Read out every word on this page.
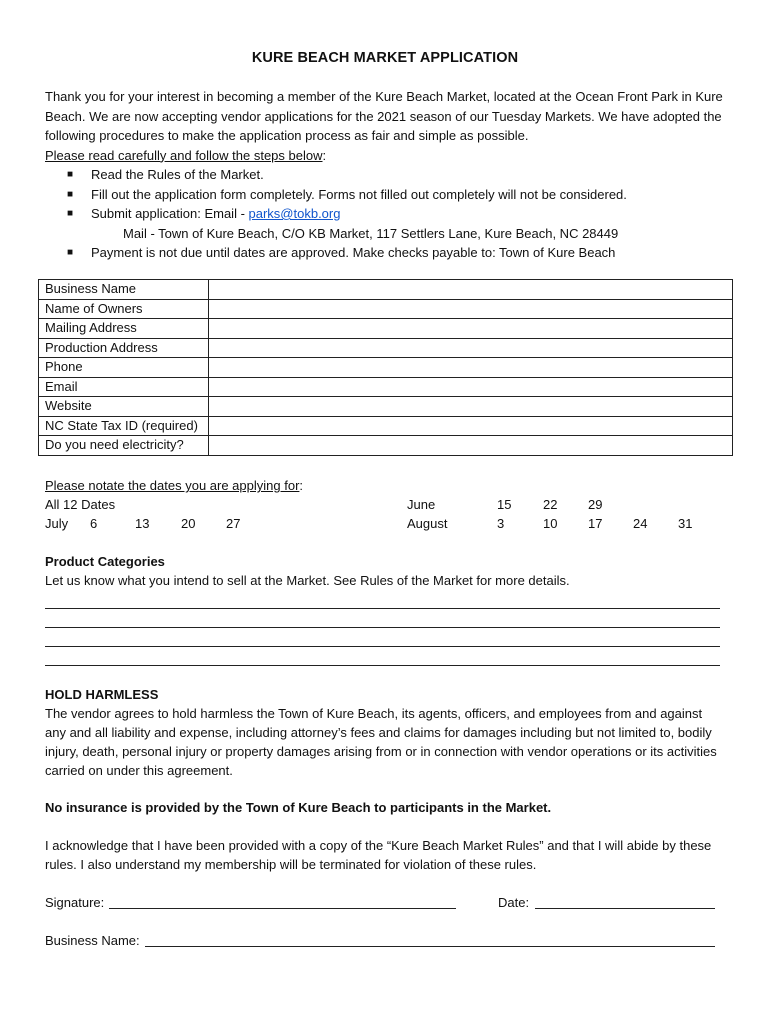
KURE BEACH MARKET APPLICATION

Thank you for your interest in becoming a member of the Kure Beach Market, located at the Ocean Front Park in Kure Beach. We are now accepting vendor applications for the 2021 season of our Tuesday Markets. We have adopted the following procedures to make the application process as fair and simple as possible.

Please read carefully and follow the steps below:
■ Read the Rules of the Market.
■ Fill out the application form completely. Forms not filled out completely will not be considered.
■ Submit application: Email - parks@tokb.org
Mail - Town of Kure Beach, C/O KB Market, 117 Settlers Lane, Kure Beach, NC 28449
■ Payment is not due until dates are approved. Make checks payable to: Town of Kure Beach
Business Name	
Name of Owners	
Mailing Address	
Production Address	
Phone	
Email	
Website	
NC State Tax ID (required)	
Do you need electricity?	
Please notate the dates you are applying for:
All 12 Dates	June	15 22 29
July 6	13 20 27	August	3	10 17 24 31
Product Categories
Let us know what you intend to sell at the Market. See Rules of the Market for more details.

HOLD HARMLESS

The vendor agrees to hold harmless the Town of Kure Beach, its agents, officers, and employees from and against any and all liability and expense, including attorney’s fees and claims for damages including but not limited to, bodily injury, death, personal injury or property damages arising from or in connection with vendor operations or its activities carried on under this agreement.

No insurance is provided by the Town of Kure Beach to participants in the Market.
I acknowledge that I have been provided with a copy of the “Kure Beach Market Rules” and that I will abide by these rules. I also understand my membership will be terminated for violation of these rules.
Signature:	Date:
Business Name:
